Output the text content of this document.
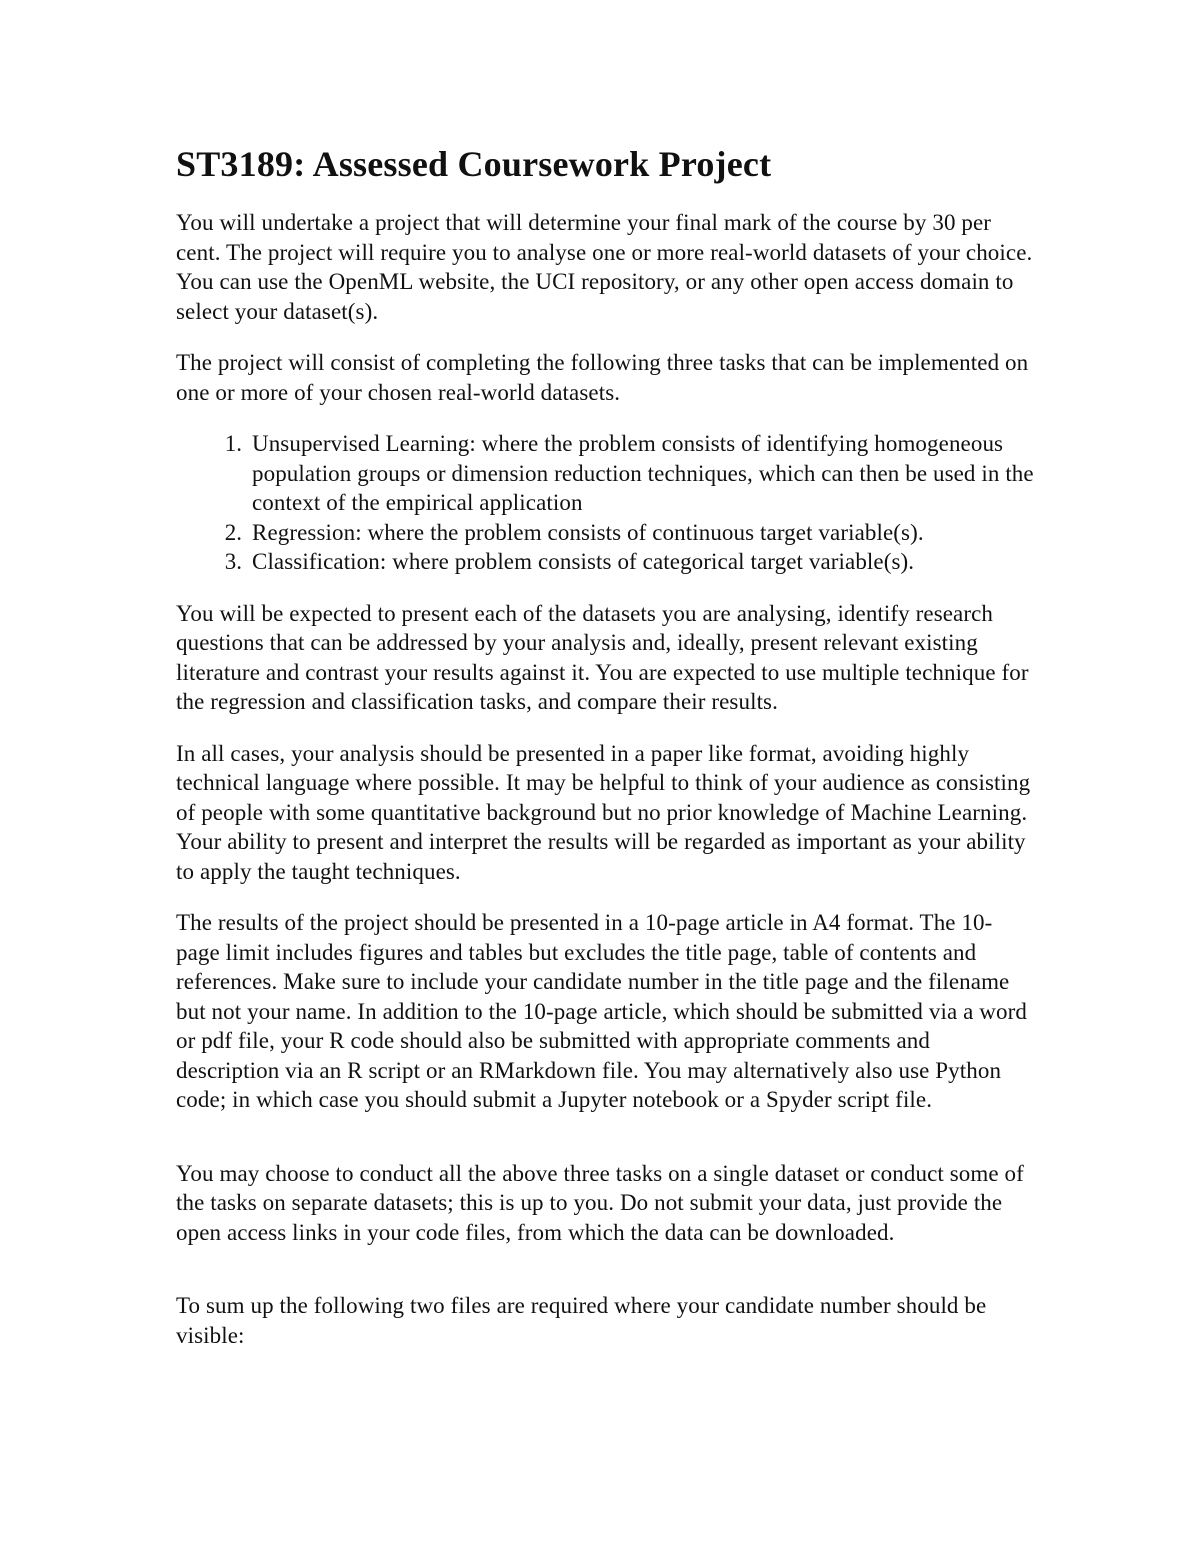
ST3189: Assessed Coursework Project

You will undertake a project that will determine your final mark of the course by 30 per cent. The project will require you to analyse one or more real-world datasets of your choice. You can use the OpenML website, the UCI repository, or any other open access domain to select your dataset(s).

The project will consist of completing the following three tasks that can be implemented on one or more of your chosen real-world datasets.

1. Unsupervised Learning: where the problem consists of identifying homogeneous population groups or dimension reduction techniques, which can then be used in the context of the empirical application
2. Regression: where the problem consists of continuous target variable(s).
3. Classification: where problem consists of categorical target variable(s).

You will be expected to present each of the datasets you are analysing, identify research questions that can be addressed by your analysis and, ideally, present relevant existing literature and contrast your results against it. You are expected to use multiple technique for the regression and classification tasks, and compare their results.

In all cases, your analysis should be presented in a paper like format, avoiding highly technical language where possible. It may be helpful to think of your audience as consisting of people with some quantitative background but no prior knowledge of Machine Learning. Your ability to present and interpret the results will be regarded as important as your ability to apply the taught techniques.

The results of the project should be presented in a 10-page article in A4 format. The 10-page limit includes figures and tables but excludes the title page, table of contents and references. Make sure to include your candidate number in the title page and the filename but not your name. In addition to the 10-page article, which should be submitted via a word or pdf file, your R code should also be submitted with appropriate comments and description via an R script or an RMarkdown file. You may alternatively also use Python code; in which case you should submit a Jupyter notebook or a Spyder script file.

You may choose to conduct all the above three tasks on a single dataset or conduct some of the tasks on separate datasets; this is up to you. Do not submit your data, just provide the open access links in your code files, from which the data can be downloaded.

To sum up the following two files are required where your candidate number should be visible:
